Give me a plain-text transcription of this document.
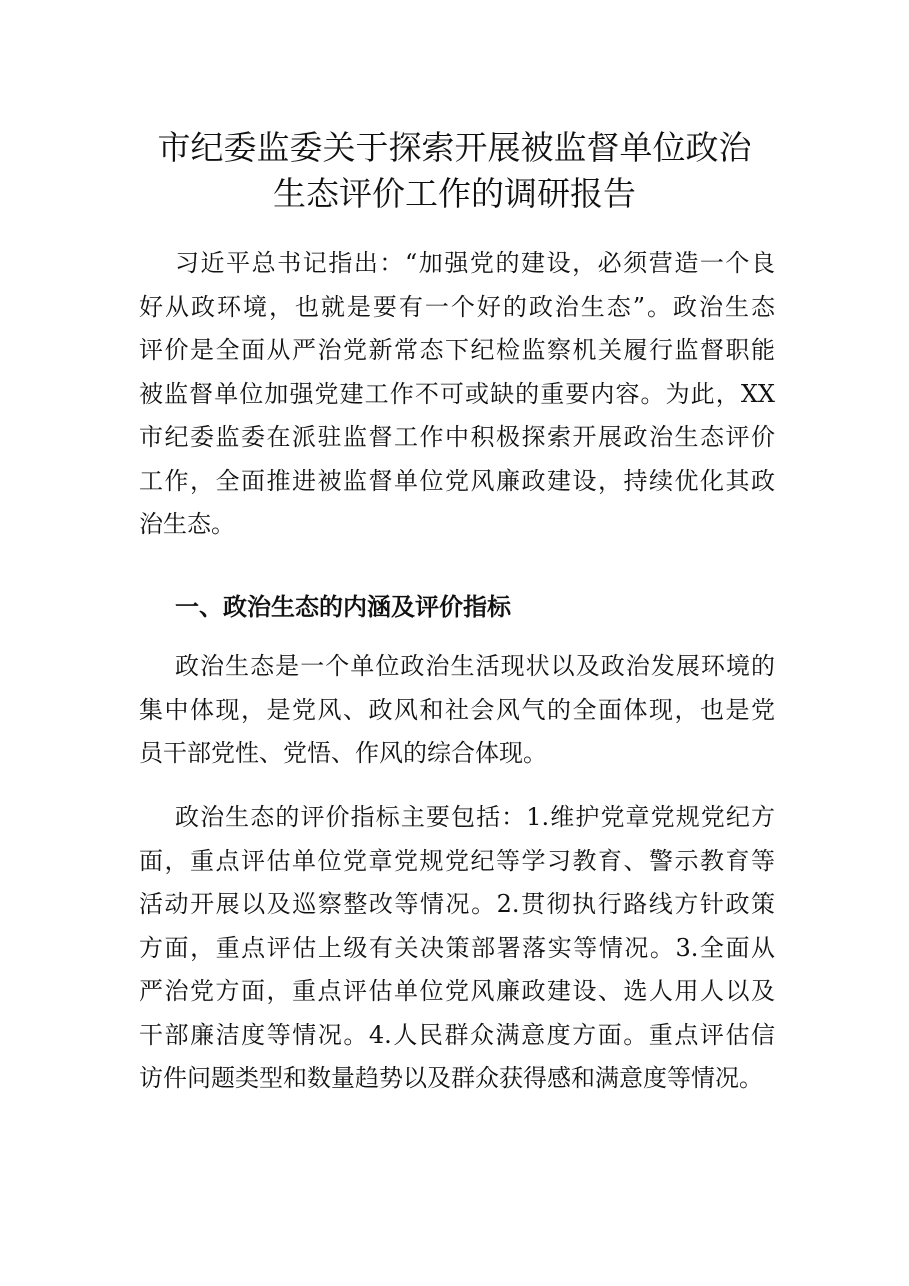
市纪委监委关于探索开展被监督单位政治
生态评价工作的调研报告
习近平总书记指出：“加强党的建设，必须营造一个良
好从政环境，也就是要有一个好的政治生态”。政治生态
评价是全面从严治党新常态下纪检监察机关履行监督职能
被监督单位加强党建工作不可或缺的重要内容。为此，XX
市纪委监委在派驻监督工作中积极探索开展政治生态评价
工作，全面推进被监督单位党风廉政建设，持续优化其政
治生态。
一、政治生态的内涵及评价指标
政治生态是一个单位政治生活现状以及政治发展环境的
集中体现，是党风、政风和社会风气的全面体现，也是党
员干部党性、党悟、作风的综合体现。
政治生态的评价指标主要包括：1.维护党章党规党纪方
面，重点评估单位党章党规党纪等学习教育、警示教育等
活动开展以及巡察整改等情况。2.贯彻执行路线方针政策
方面，重点评估上级有关决策部署落实等情况。3.全面从
严治党方面，重点评估单位党风廉政建设、选人用人以及
干部廉洁度等情况。4.人民群众满意度方面。重点评估信
访件问题类型和数量趋势以及群众获得感和满意度等情况。
